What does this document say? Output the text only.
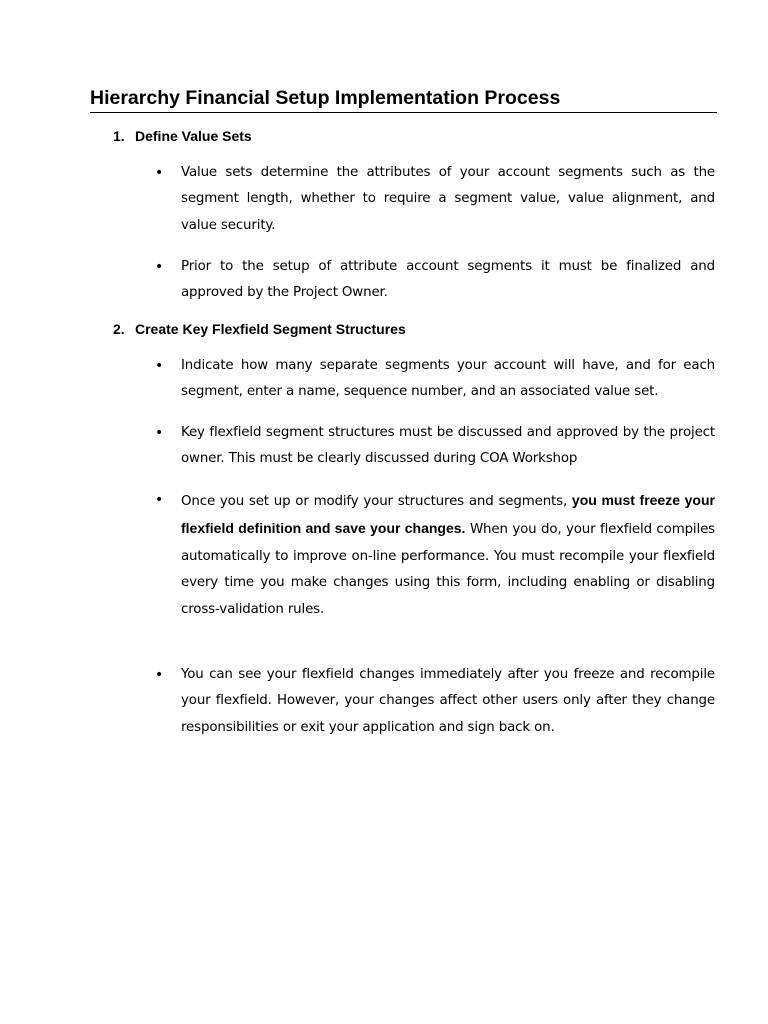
Hierarchy Financial Setup Implementation Process
1. Define Value Sets
•	Value sets determine the attributes of your account segments such as the segment length, whether to require a segment value, value alignment, and value security.
•	Prior to the setup of attribute account segments it must be finalized and approved by the Project Owner.
2. Create Key Flexfield Segment Structures
•	Indicate how many separate segments your account will have, and for each segment, enter a name, sequence number, and an associated value set.
•	Key flexfield segment structures must be discussed and approved by the project owner. This must be clearly discussed during COA Workshop
•	Once you set up or modify your structures and segments, you must freeze your flexfield definition and save your changes. When you do, your flexfield compiles automatically to improve on-line performance. You must recompile your flexfield every time you make changes using this form, including enabling or disabling cross-validation rules.
•	You can see your flexfield changes immediately after you freeze and recompile your flexfield. However, your changes affect other users only after they change responsibilities or exit your application and sign back on.
